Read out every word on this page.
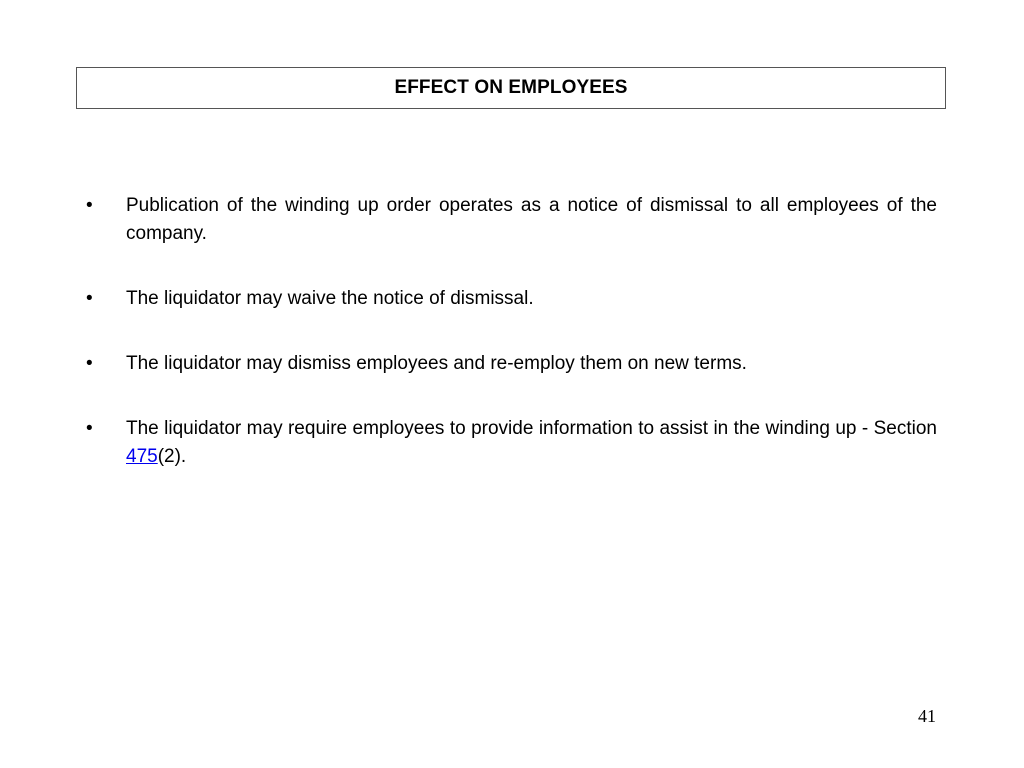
EFFECT ON EMPLOYEES
•	Publication of the winding up order operates as a notice of dismissal to all employees of the company.
•	The liquidator may waive the notice of dismissal.
•	The liquidator may dismiss employees and re-employ them on new terms.
•	The liquidator may require employees to provide information to assist in the winding up - Section 475(2).
41
